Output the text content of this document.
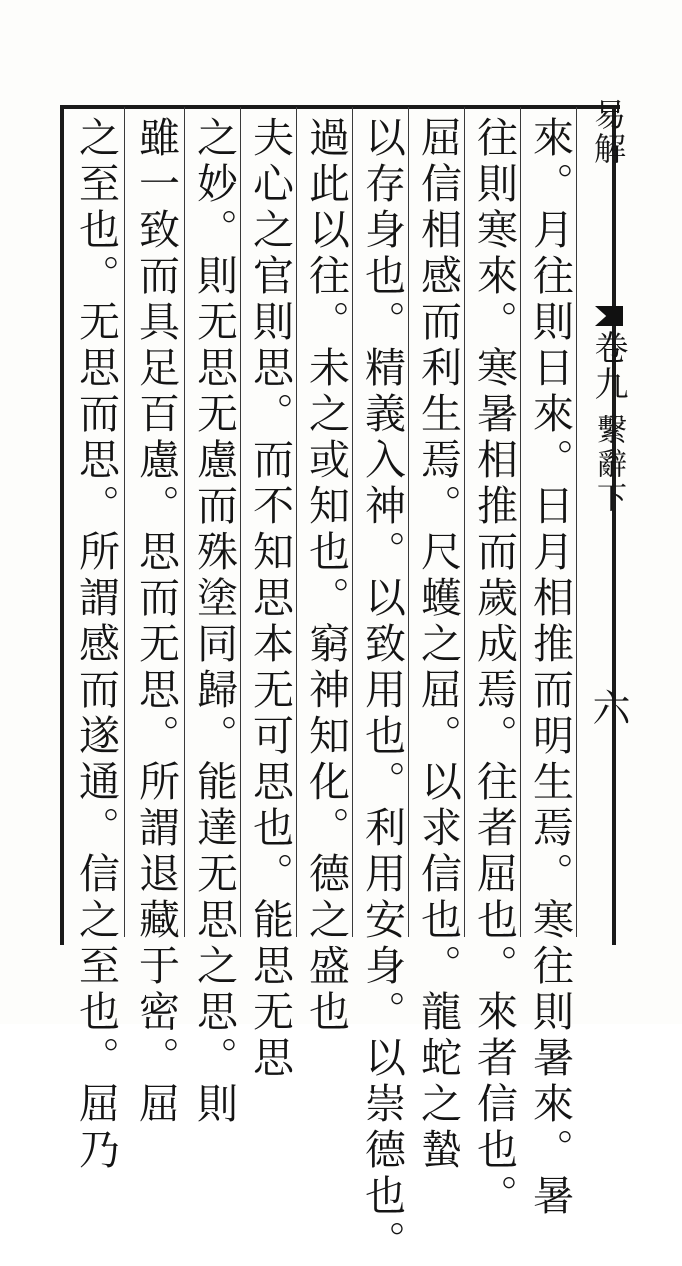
易解
卷九
繫辭下
六
來。月往則日來。日月相推而明生焉。寒往則暑來。暑
往則寒來。寒暑相推而歲成焉。往者屈也。來者信也。
屈信相感而利生焉。尺蠖之屈。以求信也。龍蛇之蟄
以存身也。精義入神。以致用也。利用安身。以崇德也。
過此以往。未之或知也。窮神知化。德之盛也
夫心之官則思。而不知思本无可思也。能思无思
之妙。則无思无慮而殊塗同歸。能達无思之思。則
雖一致而具足百慮。思而无思。所謂退藏于密。屈
之至也。无思而思。所謂感而遂通。信之至也。屈乃
